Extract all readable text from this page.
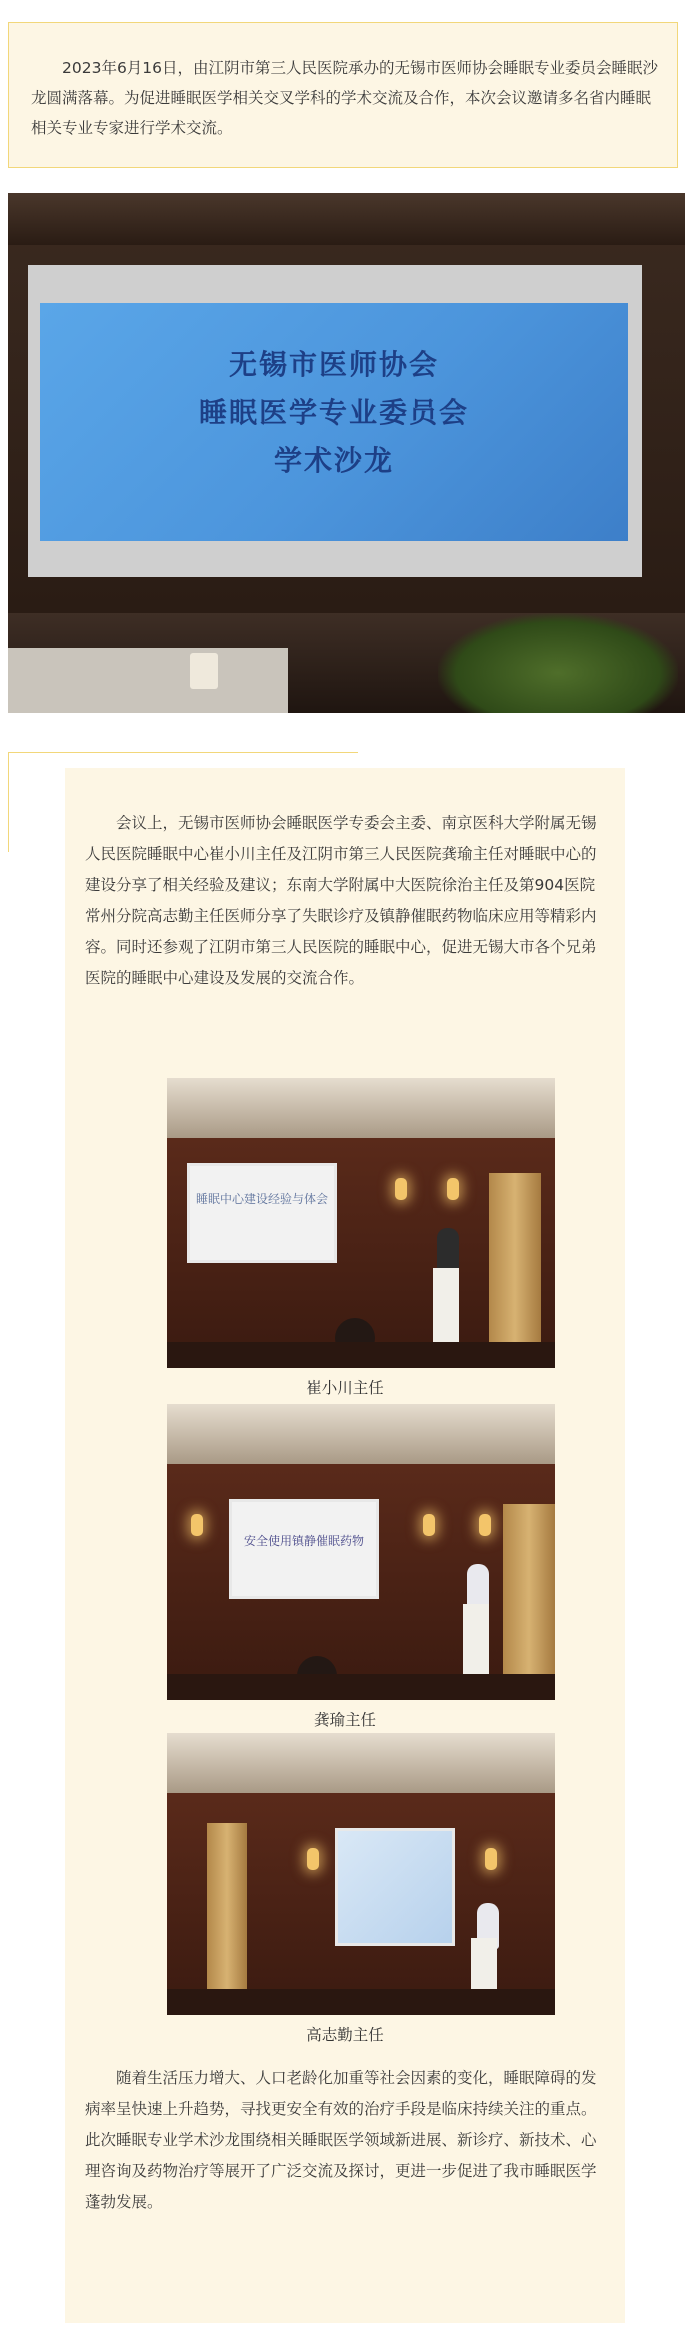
2023年6月16日，由江阴市第三人民医院承办的无锡市医师协会睡眠专业委员会睡眠沙龙圆满落幕。为促进睡眠医学相关交叉学科的学术交流及合作，本次会议邀请多名省内睡眠相关专业专家进行学术交流。

无锡市医师协会
睡眠医学专业委员会
学术沙龙

会议上，无锡市医师协会睡眠医学专委会主委、南京医科大学附属无锡人民医院睡眠中心崔小川主任及江阴市第三人民医院龚瑜主任对睡眠中心的建设分享了相关经验及建议；东南大学附属中大医院徐治主任及第904医院常州分院高志勤主任医师分享了失眠诊疗及镇静催眠药物临床应用等精彩内容。同时还参观了江阴市第三人民医院的睡眠中心，促进无锡大市各个兄弟医院的睡眠中心建设及发展的交流合作。

睡眠中心建设经验与体会
崔小川主任
安全使用镇静催眠药物
龚瑜主任
高志勤主任

随着生活压力增大、人口老龄化加重等社会因素的变化，睡眠障碍的发病率呈快速上升趋势，寻找更安全有效的治疗手段是临床持续关注的重点。此次睡眠专业学术沙龙围绕相关睡眠医学领域新进展、新诊疗、新技术、心理咨询及药物治疗等展开了广泛交流及探讨，更进一步促进了我市睡眠医学蓬勃发展。
